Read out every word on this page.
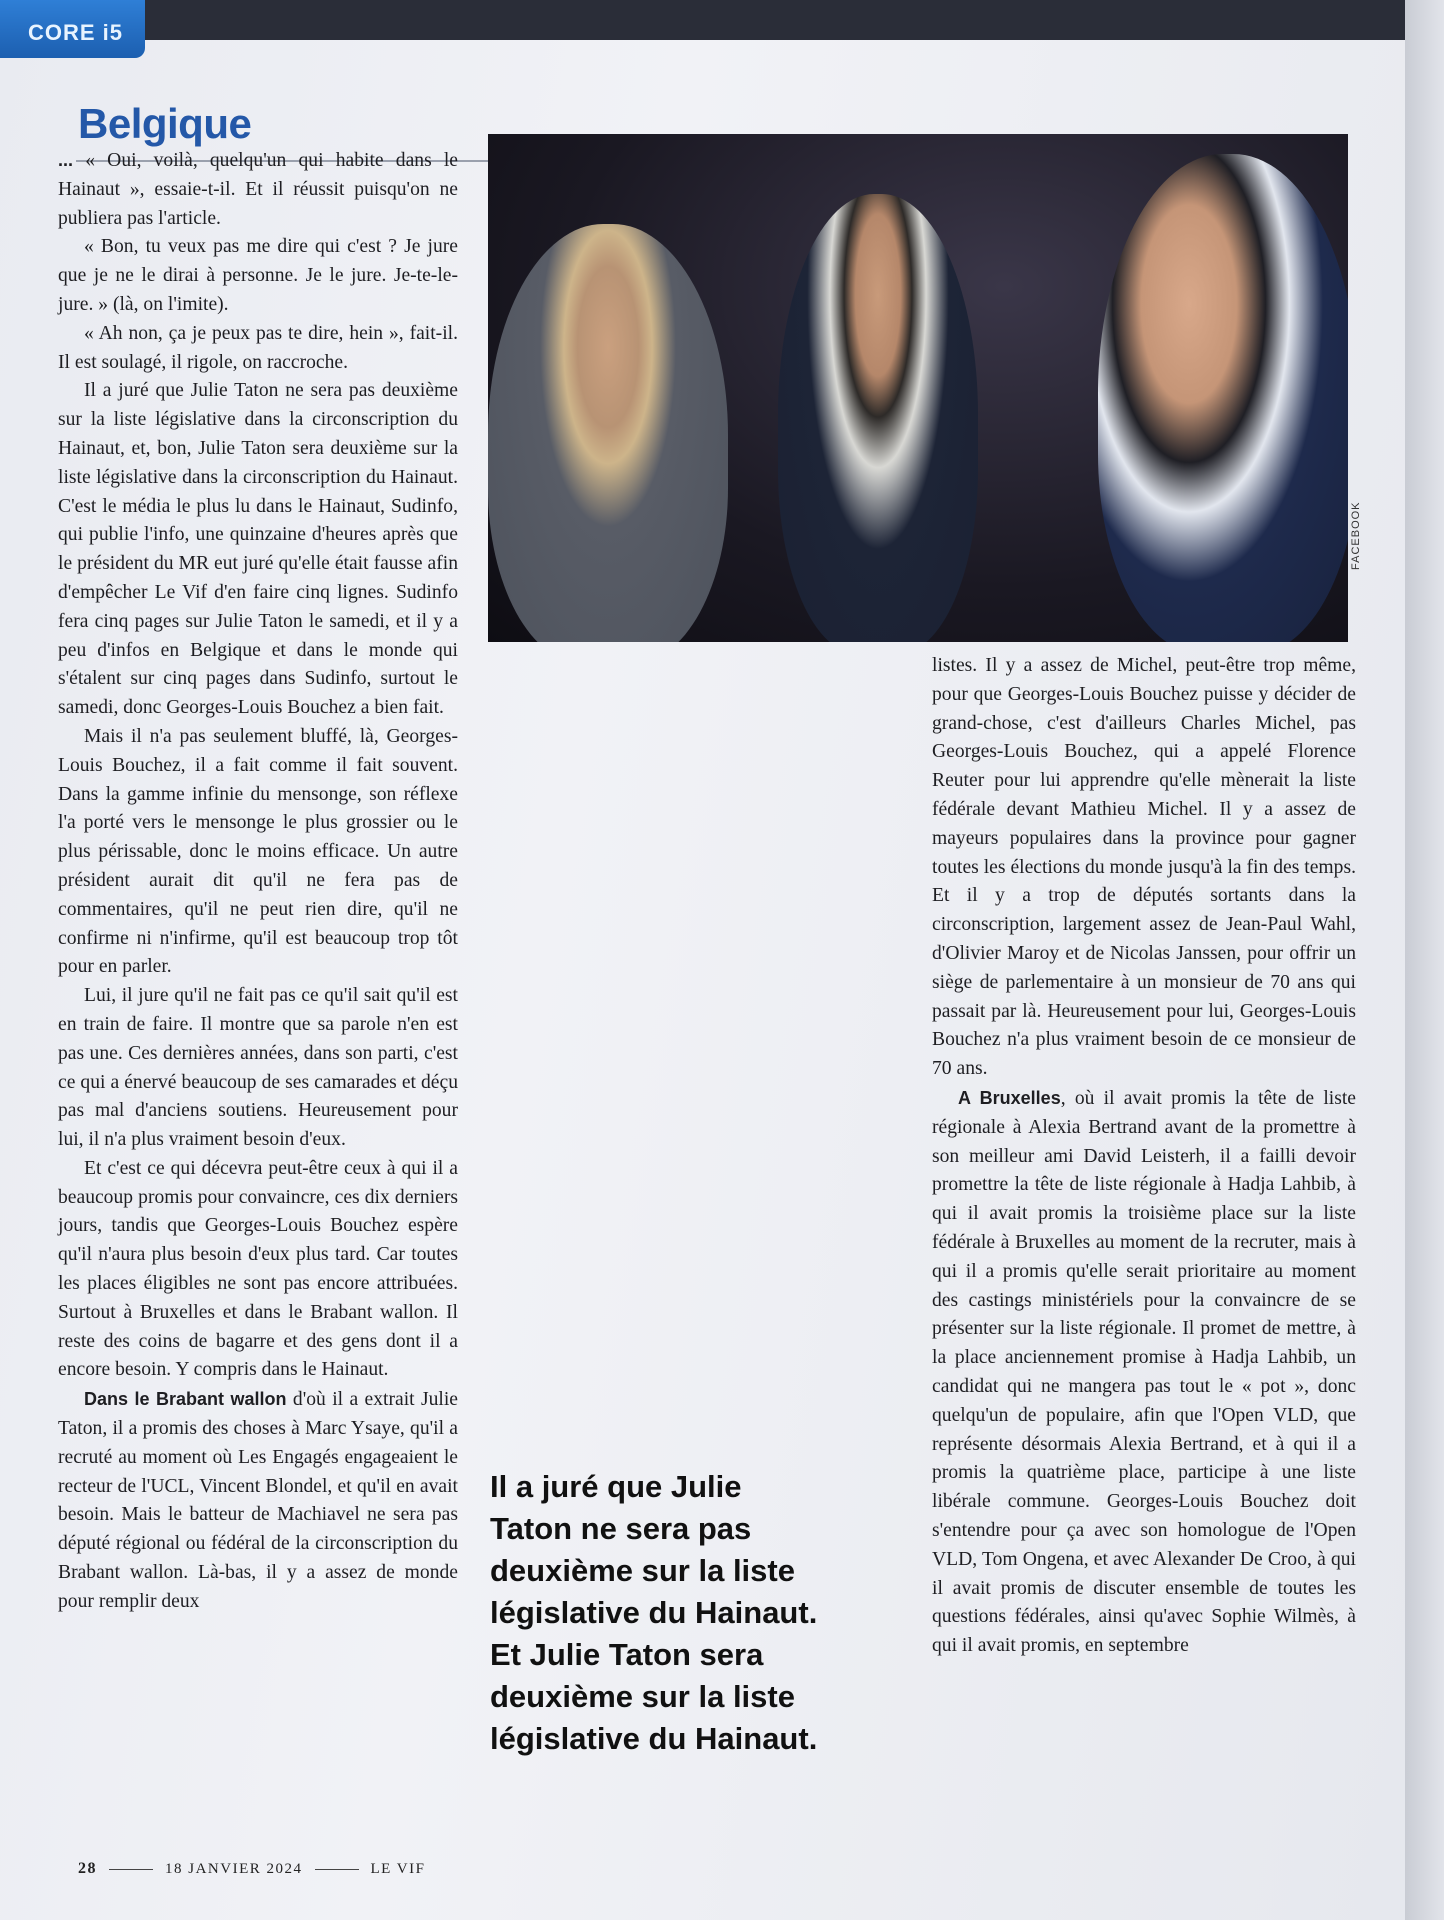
CORE i5
Belgique
FACEBOOK

... « Oui, voilà, quelqu'un qui habite dans le Hainaut », essaie-t-il. Et il réussit puisqu'on ne publiera pas l'article.

« Bon, tu veux pas me dire qui c'est ? Je jure que je ne le dirai à personne. Je le jure. Je-te-le-jure. » (là, on l'imite).

« Ah non, ça je peux pas te dire, hein », fait-il. Il est soulagé, il rigole, on raccroche.

Il a juré que Julie Taton ne sera pas deuxième sur la liste législative dans la circonscription du Hainaut, et, bon, Julie Taton sera deuxième sur la liste législative dans la circonscription du Hainaut. C'est le média le plus lu dans le Hainaut, Sudinfo, qui publie l'info, une quinzaine d'heures après que le président du MR eut juré qu'elle était fausse afin d'empêcher Le Vif d'en faire cinq lignes. Sudinfo fera cinq pages sur Julie Taton le samedi, et il y a peu d'infos en Belgique et dans le monde qui s'étalent sur cinq pages dans Sudinfo, surtout le samedi, donc Georges-Louis Bouchez a bien fait.

Mais il n'a pas seulement bluffé, là, Georges-Louis Bouchez, il a fait comme il fait souvent. Dans la gamme infinie du mensonge, son réflexe l'a porté vers le mensonge le plus grossier ou le plus périssable, donc le moins efficace. Un autre président aurait dit qu'il ne fera pas de commentaires, qu'il ne peut rien dire, qu'il ne confirme ni n'infirme, qu'il est beaucoup trop tôt pour en parler.

Lui, il jure qu'il ne fait pas ce qu'il sait qu'il est en train de faire. Il montre que sa parole n'en est pas une. Ces dernières années, dans son parti, c'est ce qui a énervé beaucoup de ses camarades et déçu pas mal d'anciens soutiens. Heureusement pour lui, il n'a plus vraiment besoin d'eux.

Et c'est ce qui décevra peut-être ceux à qui il a beaucoup promis pour convaincre, ces dix derniers jours, tandis que Georges-Louis Bouchez espère qu'il n'aura plus besoin d'eux plus tard. Car toutes les places éligibles ne sont pas encore attribuées. Surtout à Bruxelles et dans le Brabant wallon. Il reste des coins de bagarre et des gens dont il a encore besoin. Y compris dans le Hainaut.

Dans le Brabant wallon d'où il a extrait Julie Taton, il a promis des choses à Marc Ysaye, qu'il a recruté au moment où Les Engagés engageaient le recteur de l'UCL, Vincent Blondel, et qu'il en avait besoin. Mais le batteur de Machiavel ne sera pas député régional ou fédéral de la circonscription du Brabant wallon. Là-bas, il y a assez de monde pour remplir deux

listes. Il y a assez de Michel, peut-être trop même, pour que Georges-Louis Bouchez puisse y décider de grand-chose, c'est d'ailleurs Charles Michel, pas Georges-Louis Bouchez, qui a appelé Florence Reuter pour lui apprendre qu'elle mènerait la liste fédérale devant Mathieu Michel. Il y a assez de mayeurs populaires dans la province pour gagner toutes les élections du monde jusqu'à la fin des temps. Et il y a trop de députés sortants dans la circonscription, largement assez de Jean-Paul Wahl, d'Olivier Maroy et de Nicolas Janssen, pour offrir un siège de parlementaire à un monsieur de 70 ans qui passait par là. Heureusement pour lui, Georges-Louis Bouchez n'a plus vraiment besoin de ce monsieur de 70 ans.

A Bruxelles, où il avait promis la tête de liste régionale à Alexia Bertrand avant de la promettre à son meilleur ami David Leisterh, il a failli devoir promettre la tête de liste régionale à Hadja Lahbib, à qui il avait promis la troisième place sur la liste fédérale à Bruxelles au moment de la recruter, mais à qui il a promis qu'elle serait prioritaire au moment des castings ministériels pour la convaincre de se présenter sur la liste régionale. Il promet de mettre, à la place anciennement promise à Hadja Lahbib, un candidat qui ne mangera pas tout le « pot », donc quelqu'un de populaire, afin que l'Open VLD, que représente désormais Alexia Bertrand, et à qui il a promis la quatrième place, participe à une liste libérale commune. Georges-Louis Bouchez doit s'entendre pour ça avec son homologue de l'Open VLD, Tom Ongena, et avec Alexander De Croo, à qui il avait promis de discuter ensemble de toutes les questions fédérales, ainsi qu'avec Sophie Wilmès, à qui il avait promis, en septembre

Il a juré que Julie Taton ne sera pas deuxième sur la liste législative du Hainaut.

Et Julie Taton sera deuxième sur la liste législative du Hainaut.

28	18 JANVIER 2024	LE VIF
